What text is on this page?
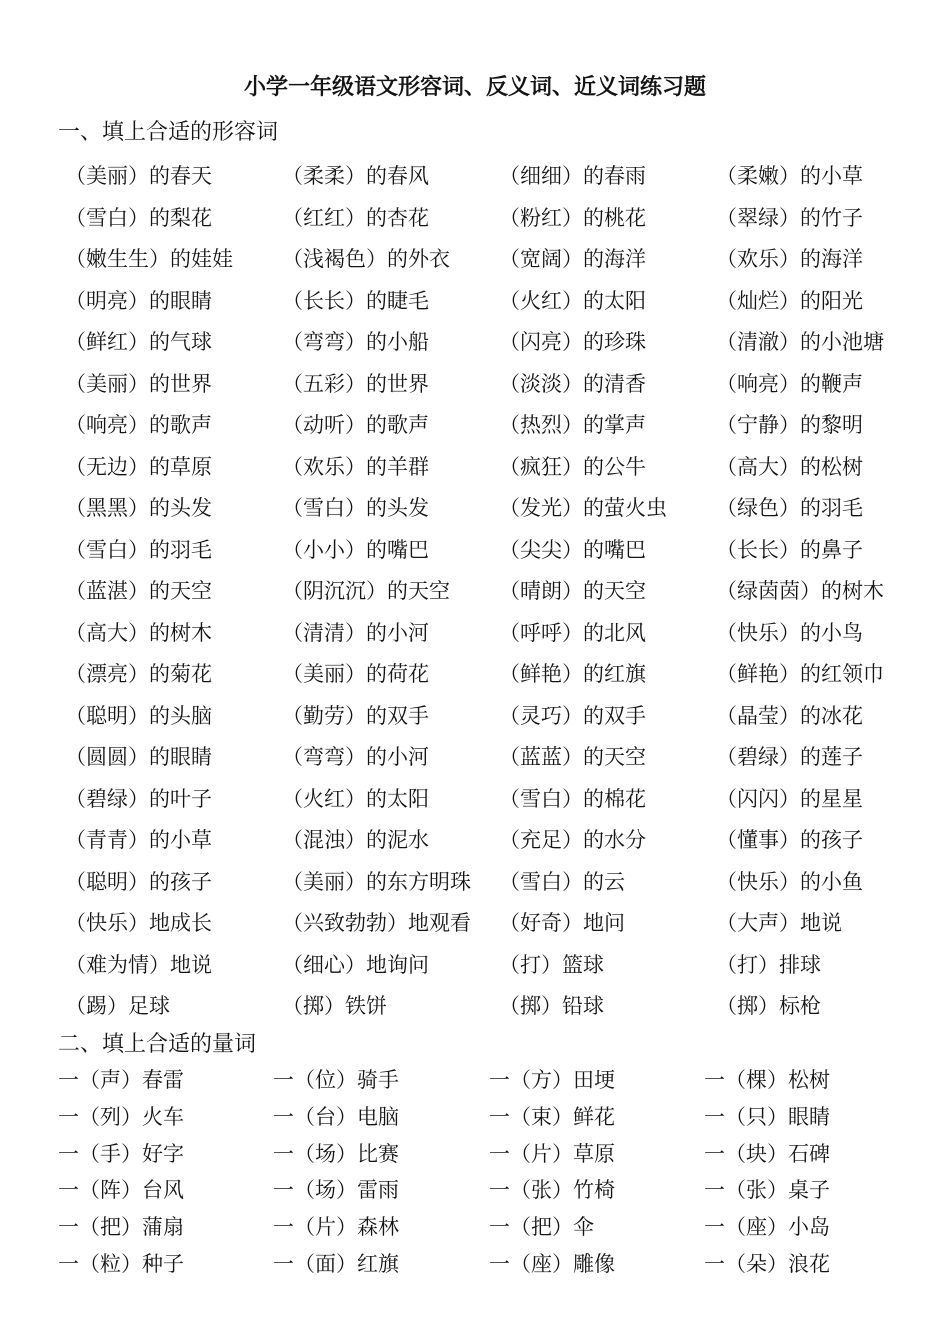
小学一年级语文形容词、反义词、近义词练习题
一、填上合适的形容词
（美丽）的春天	（柔柔）的春风	（细细）的春雨	（柔嫩）的小草
（雪白）的梨花	（红红）的杏花	（粉红）的桃花	（翠绿）的竹子
（嫩生生）的娃娃	（浅褐色）的外衣	（宽阔）的海洋	（欢乐）的海洋
（明亮）的眼睛	（长长）的睫毛	（火红）的太阳	（灿烂）的阳光
（鲜红）的气球	（弯弯）的小船	（闪亮）的珍珠	（清澈）的小池塘
（美丽）的世界	（五彩）的世界	（淡淡）的清香	（响亮）的鞭声
（响亮）的歌声	（动听）的歌声	（热烈）的掌声	（宁静）的黎明
（无边）的草原	（欢乐）的羊群	（疯狂）的公牛	（高大）的松树
（黑黑）的头发	（雪白）的头发	（发光）的萤火虫	（绿色）的羽毛
（雪白）的羽毛	（小小）的嘴巴	（尖尖）的嘴巴	（长长）的鼻子
（蓝湛）的天空	（阴沉沉）的天空	（晴朗）的天空	（绿茵茵）的树木
（高大）的树木	（清清）的小河	（呼呼）的北风	（快乐）的小鸟
（漂亮）的菊花	（美丽）的荷花	（鲜艳）的红旗	（鲜艳）的红领巾
（聪明）的头脑	（勤劳）的双手	（灵巧）的双手	（晶莹）的冰花
（圆圆）的眼睛	（弯弯）的小河	（蓝蓝）的天空	（碧绿）的莲子
（碧绿）的叶子	（火红）的太阳	（雪白）的棉花	（闪闪）的星星
（青青）的小草	（混浊）的泥水	（充足）的水分	（懂事）的孩子
（聪明）的孩子	（美丽）的东方明珠	（雪白）的云	（快乐）的小鱼
（快乐）地成长	（兴致勃勃）地观看	（好奇）地问	（大声）地说
（难为情）地说	（细心）地询问	（打）篮球	（打）排球
（踢）足球	（掷）铁饼	（掷）铅球	（掷）标枪
二、填上合适的量词
一（声）春雷	一（位）骑手	一（方）田埂	一（棵）松树
一（列）火车	一（台）电脑	一（束）鲜花	一（只）眼睛
一（手）好字	一（场）比赛	一（片）草原	一（块）石碑
一（阵）台风	一（场）雷雨	一（张）竹椅	一（张）桌子
一（把）蒲扇	一（片）森林	一（把）伞	一（座）小岛
一（粒）种子	一（面）红旗	一（座）雕像	一（朵）浪花
